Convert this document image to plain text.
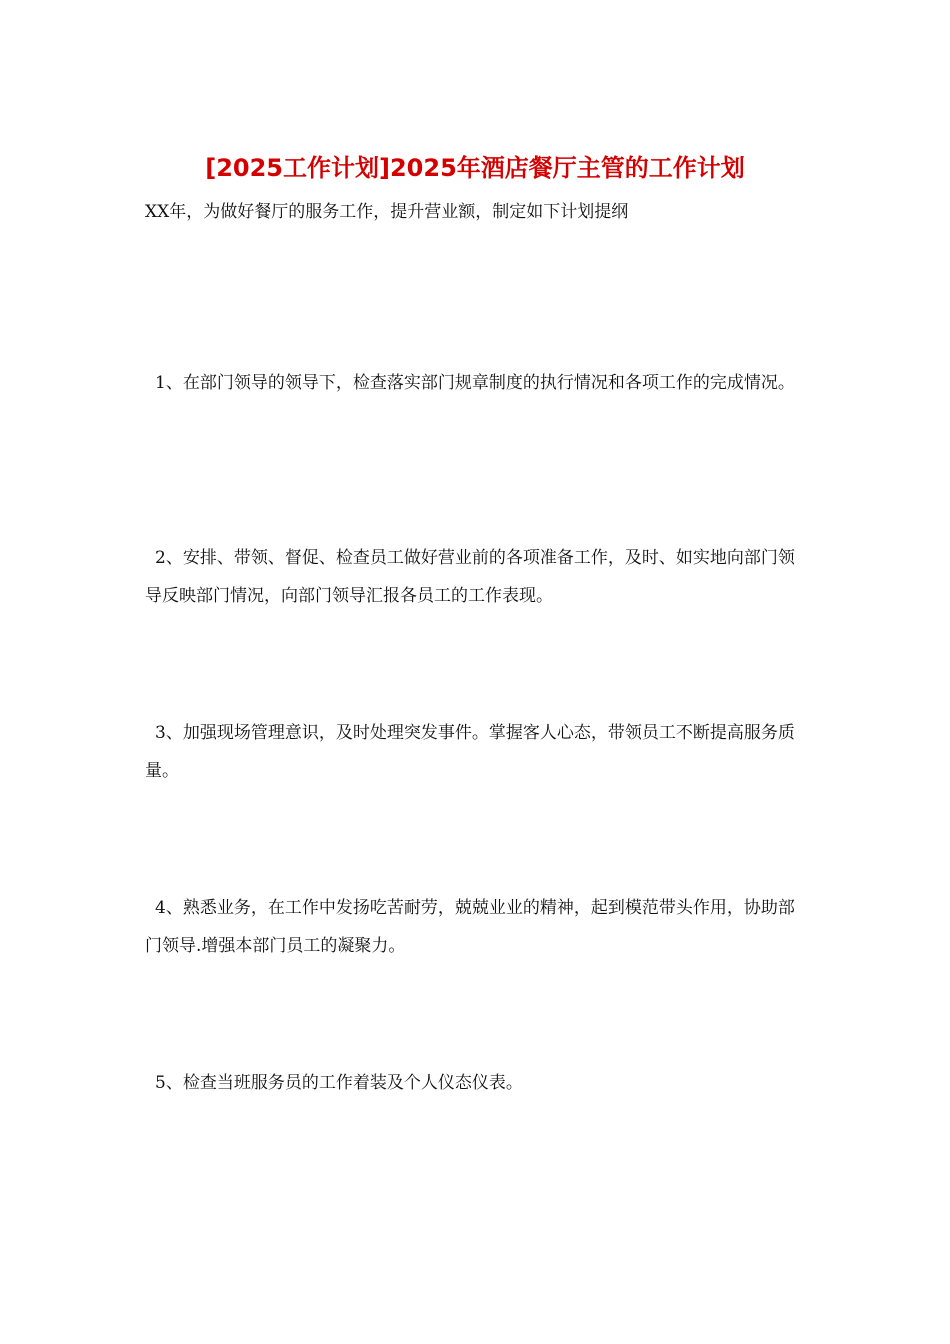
[2025工作计划]2025年酒店餐厅主管的工作计划

XX年，为做好餐厅的服务工作，提升营业额，制定如下计划提纲

1、在部门领导的领导下，检查落实部门规章制度的执行情况和各项工作的完成情况。

2、安排、带领、督促、检查员工做好营业前的各项准备工作，及时、如实地向部门领导反映部门情况，向部门领导汇报各员工的工作表现。

3、加强现场管理意识，及时处理突发事件。掌握客人心态，带领员工不断提高服务质量。

4、熟悉业务，在工作中发扬吃苦耐劳，兢兢业业的精神，起到模范带头作用，协助部门领导.增强本部门员工的凝聚力。

5、检查当班服务员的工作着装及个人仪态仪表。
